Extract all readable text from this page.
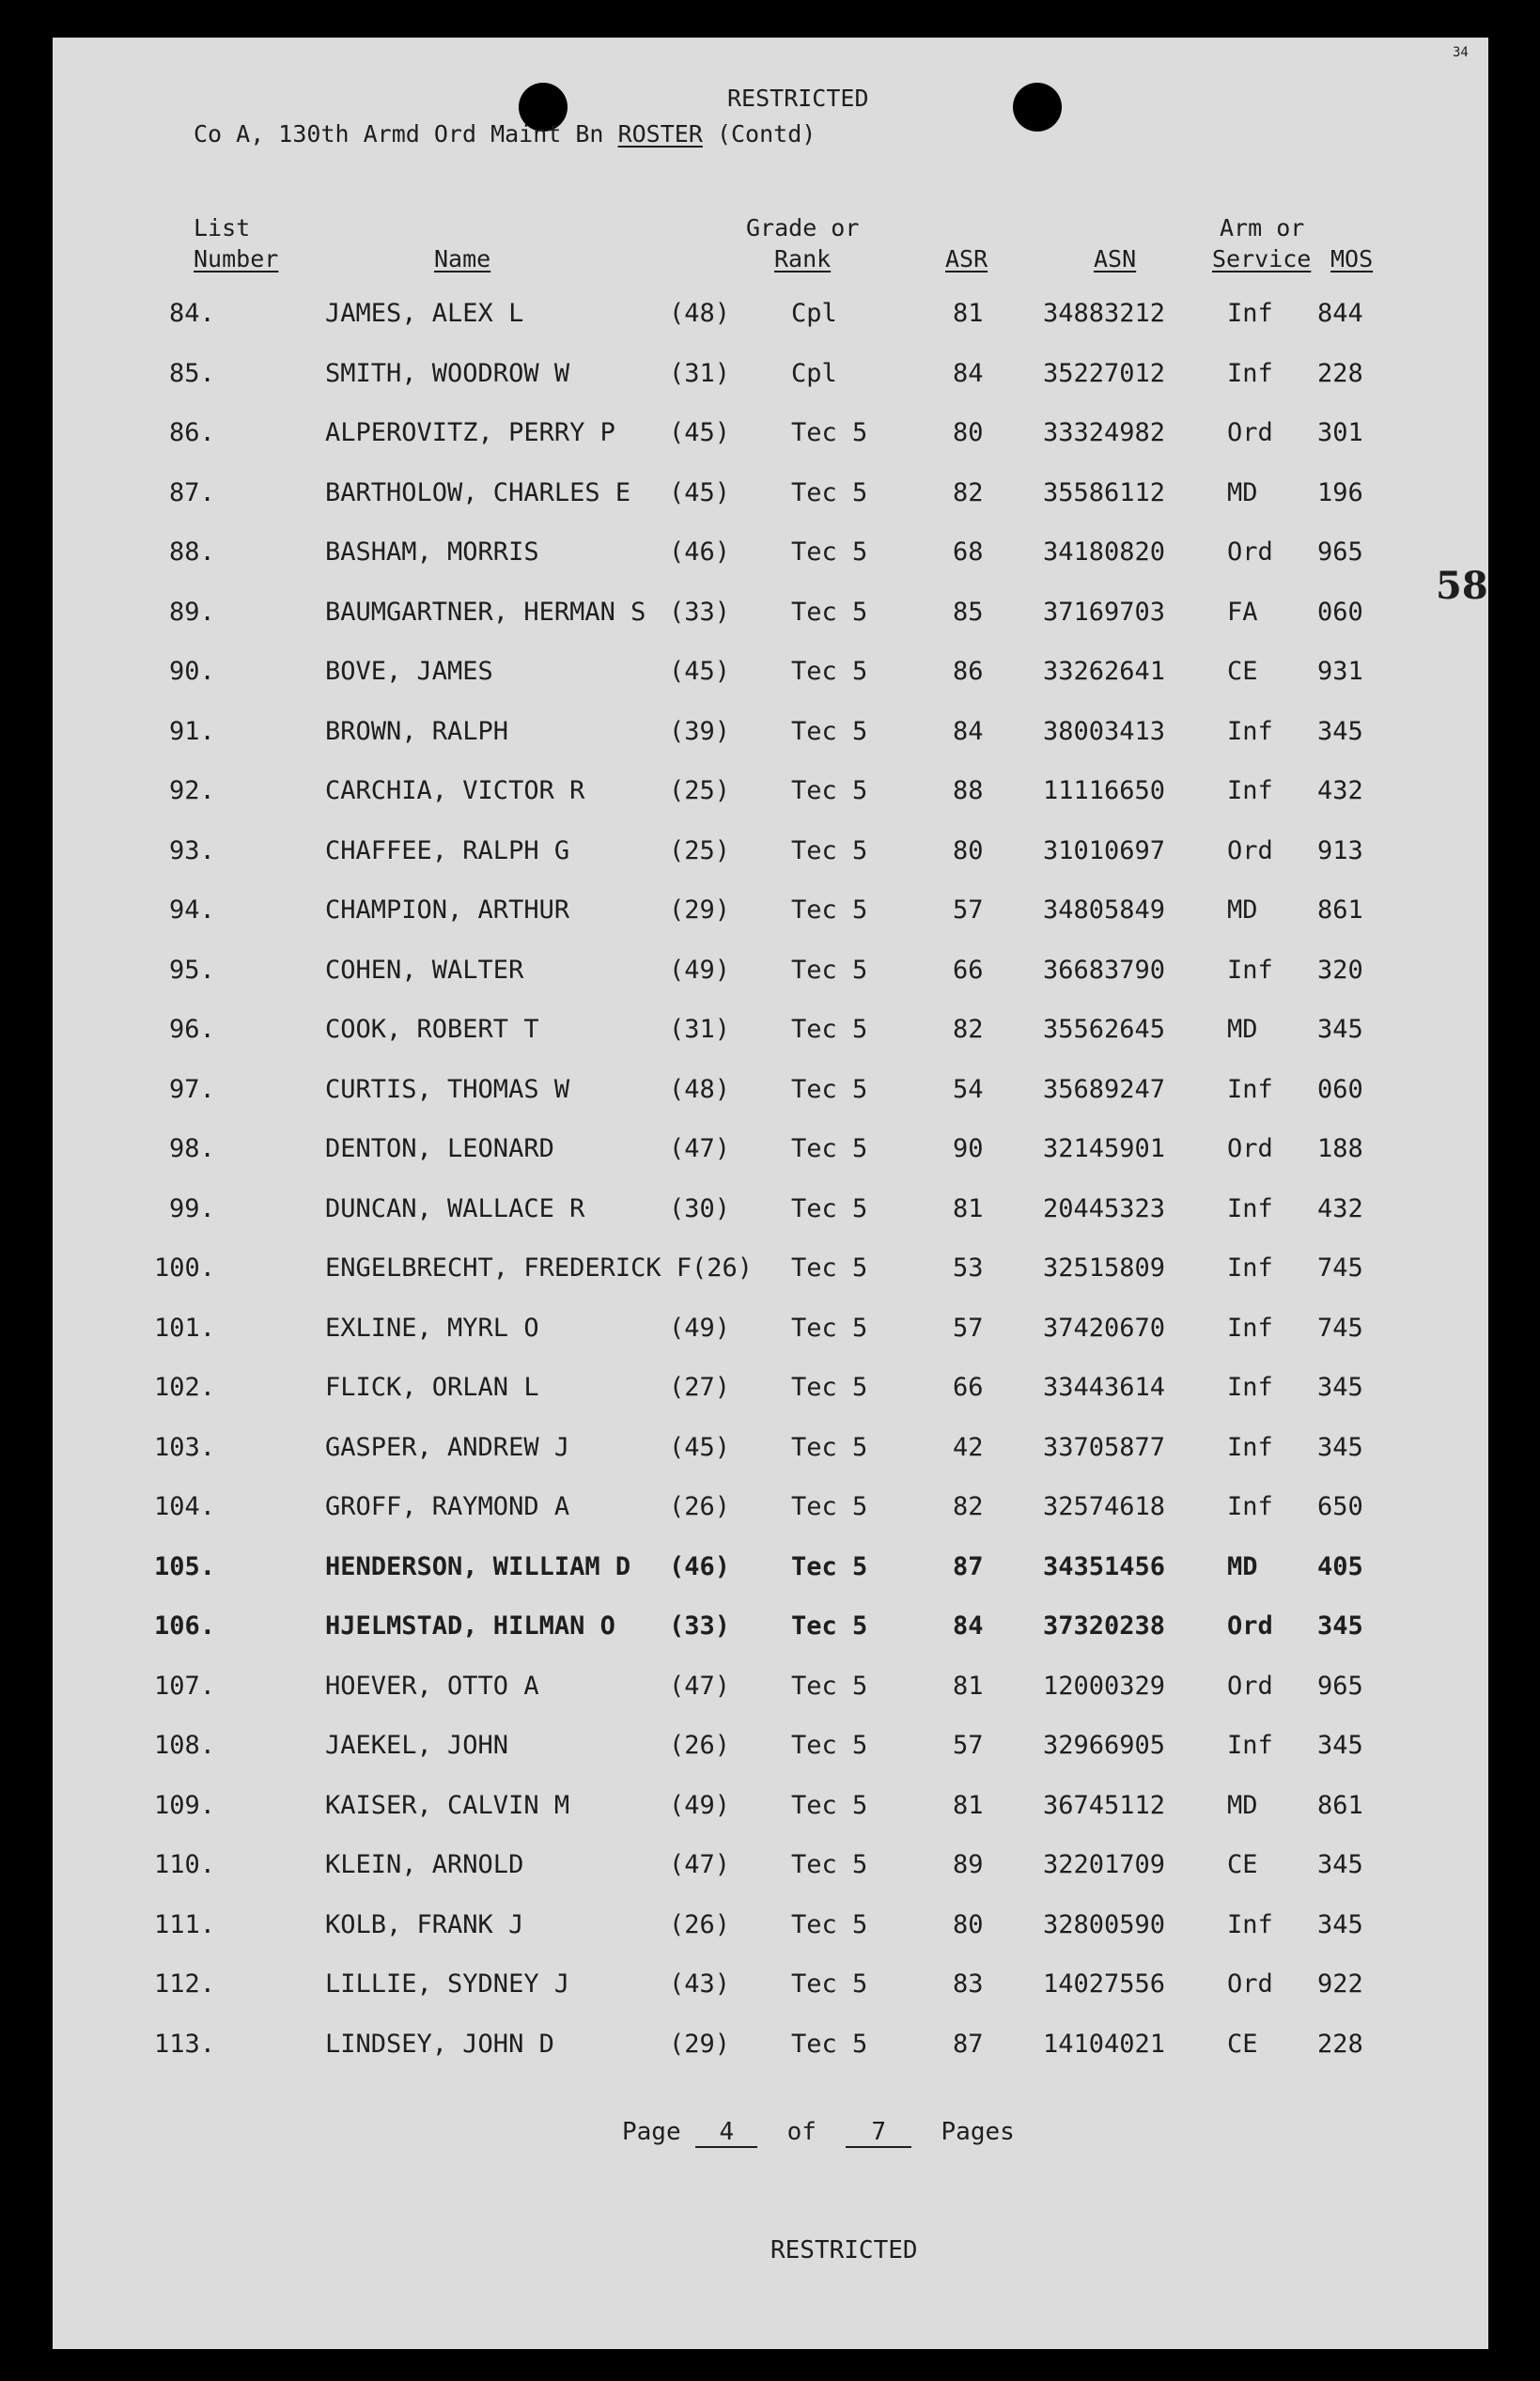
34
RESTRICTED
Co A, 130th Armd Ord Maint Bn ROSTER (Contd)
List
Number	Name
Grade or
Rank	ASR	ASN
Arm or
Service MOS
84.	JAMES, ALEX L	(48) Cpl	81 34883212 Inf 844
85.	SMITH, WOODROW W	(31) Cpl	84 35227012 Inf 228
86.	ALPEROVITZ, PERRY P (45) Tec 5	80 33324982 Ord 301
87.	BARTHOLOW, CHARLES E (45) Tec 5	82 35586112 MD 196
88.	BASHAM, MORRIS	(46) Tec 5	68 34180820 Ord 965
89.	BAUMGARTNER, HERMAN S (33) Tec 5	85 37169703 FA 060
90.	BOVE, JAMES	(45) Tec 5	86 33262641 CE 931
91.	BROWN, RALPH	(39) Tec 5	84 38003413 Inf 345
92.	CARCHIA, VICTOR R	(25) Tec 5	88 11116650 Inf 432
93.	CHAFFEE, RALPH G	(25) Tec 5	80 31010697 Ord 913
94.	CHAMPION, ARTHUR	(29) Tec 5	57 34805849 MD 861
95.	COHEN, WALTER	(49) Tec 5	66 36683790 Inf 320
96.	COOK, ROBERT T	(31) Tec 5	82 35562645 MD 345
97.	CURTIS, THOMAS W	(48) Tec 5	54 35689247 Inf 060
98.	DENTON, LEONARD	(47) Tec 5	90 32145901 Ord 188
99.	DUNCAN, WALLACE R	(30) Tec 5	81 20445323 Inf 432
100.	ENGELBRECHT, FREDERICK F (26) Tec 5	53 32515809 Inf 745
101.	EXLINE, MYRL O	(49) Tec 5	57 37420670 Inf 745
102.	FLICK, ORLAN L	(27) Tec 5	66 33443614 Inf 345
103.	GASPER, ANDREW J	(45) Tec 5	42 33705877 Inf 345
104.	GROFF, RAYMOND A	(26) Tec 5	82 32574618 Inf 650
105.	HENDERSON, WILLIAM D (46) Tec 5	87 34351456 MD 405
106.	HJELMSTAD, HILMAN O (33) Tec 5	84 37320238 Ord 345
107.	HOEVER, OTTO A	(47) Tec 5	81 12000329 Ord 965
108.	JAEKEL, JOHN	(26) Tec 5	57 32966905 Inf 345
109.	KAISER, CALVIN M	(49) Tec 5	81 36745112 MD 861
110.	KLEIN, ARNOLD	(47) Tec 5	89 32201709 CE 345
111.	KOLB, FRANK J	(26) Tec 5	80 32800590 Inf 345
112.	LILLIE, SYDNEY J	(43) Tec 5	83 14027556 Ord 922
113.	LINDSEY, JOHN D	(29) Tec 5	87 14104021 CE 228
Page 4 of 7 Pages
RESTRICTED
58
